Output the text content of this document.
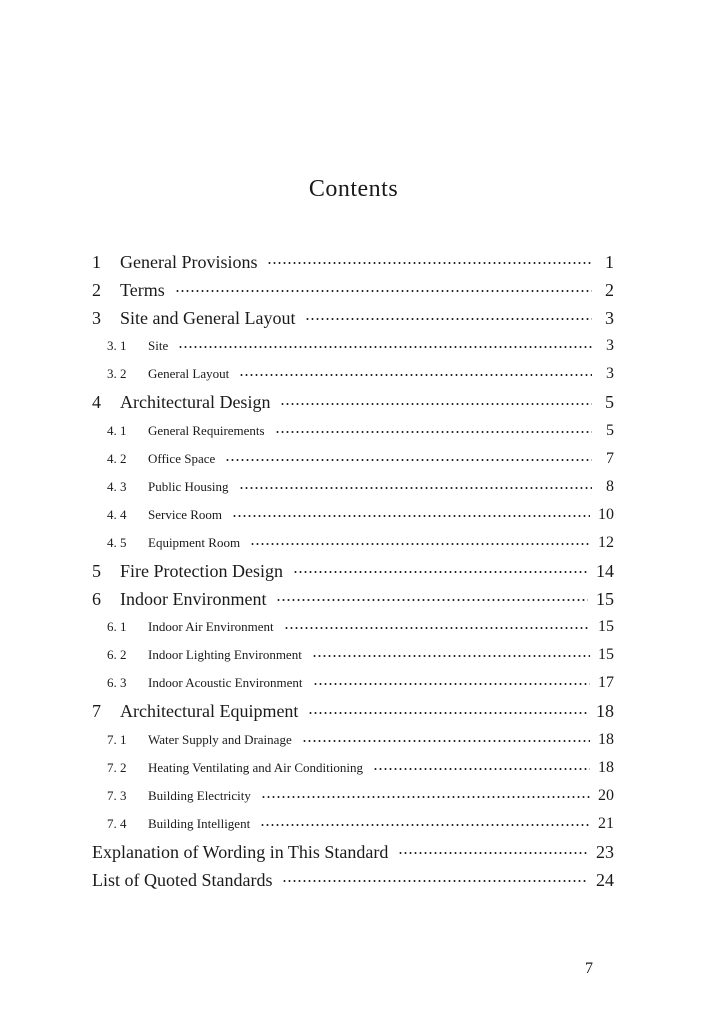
Contents
1	General Provisions	1
2	Terms	2
3	Site and General Layout	3
3. 1	Site	3
3. 2	General Layout	3
4	Architectural Design	5
4. 1	General Requirements	5
4. 2	Office Space	7
4. 3	Public Housing	8
4. 4	Service Room	10
4. 5	Equipment Room	12
5	Fire Protection Design	14
6	Indoor Environment	15
6. 1	Indoor Air Environment	15
6. 2	Indoor Lighting Environment	15
6. 3	Indoor Acoustic Environment	17
7	Architectural Equipment	18
7. 1	Water Supply and Drainage	18
7. 2	Heating Ventilating and Air Conditioning	18
7. 3	Building Electricity	20
7. 4	Building Intelligent	21
Explanation of Wording in This Standard	23
List of Quoted Standards	24
7
